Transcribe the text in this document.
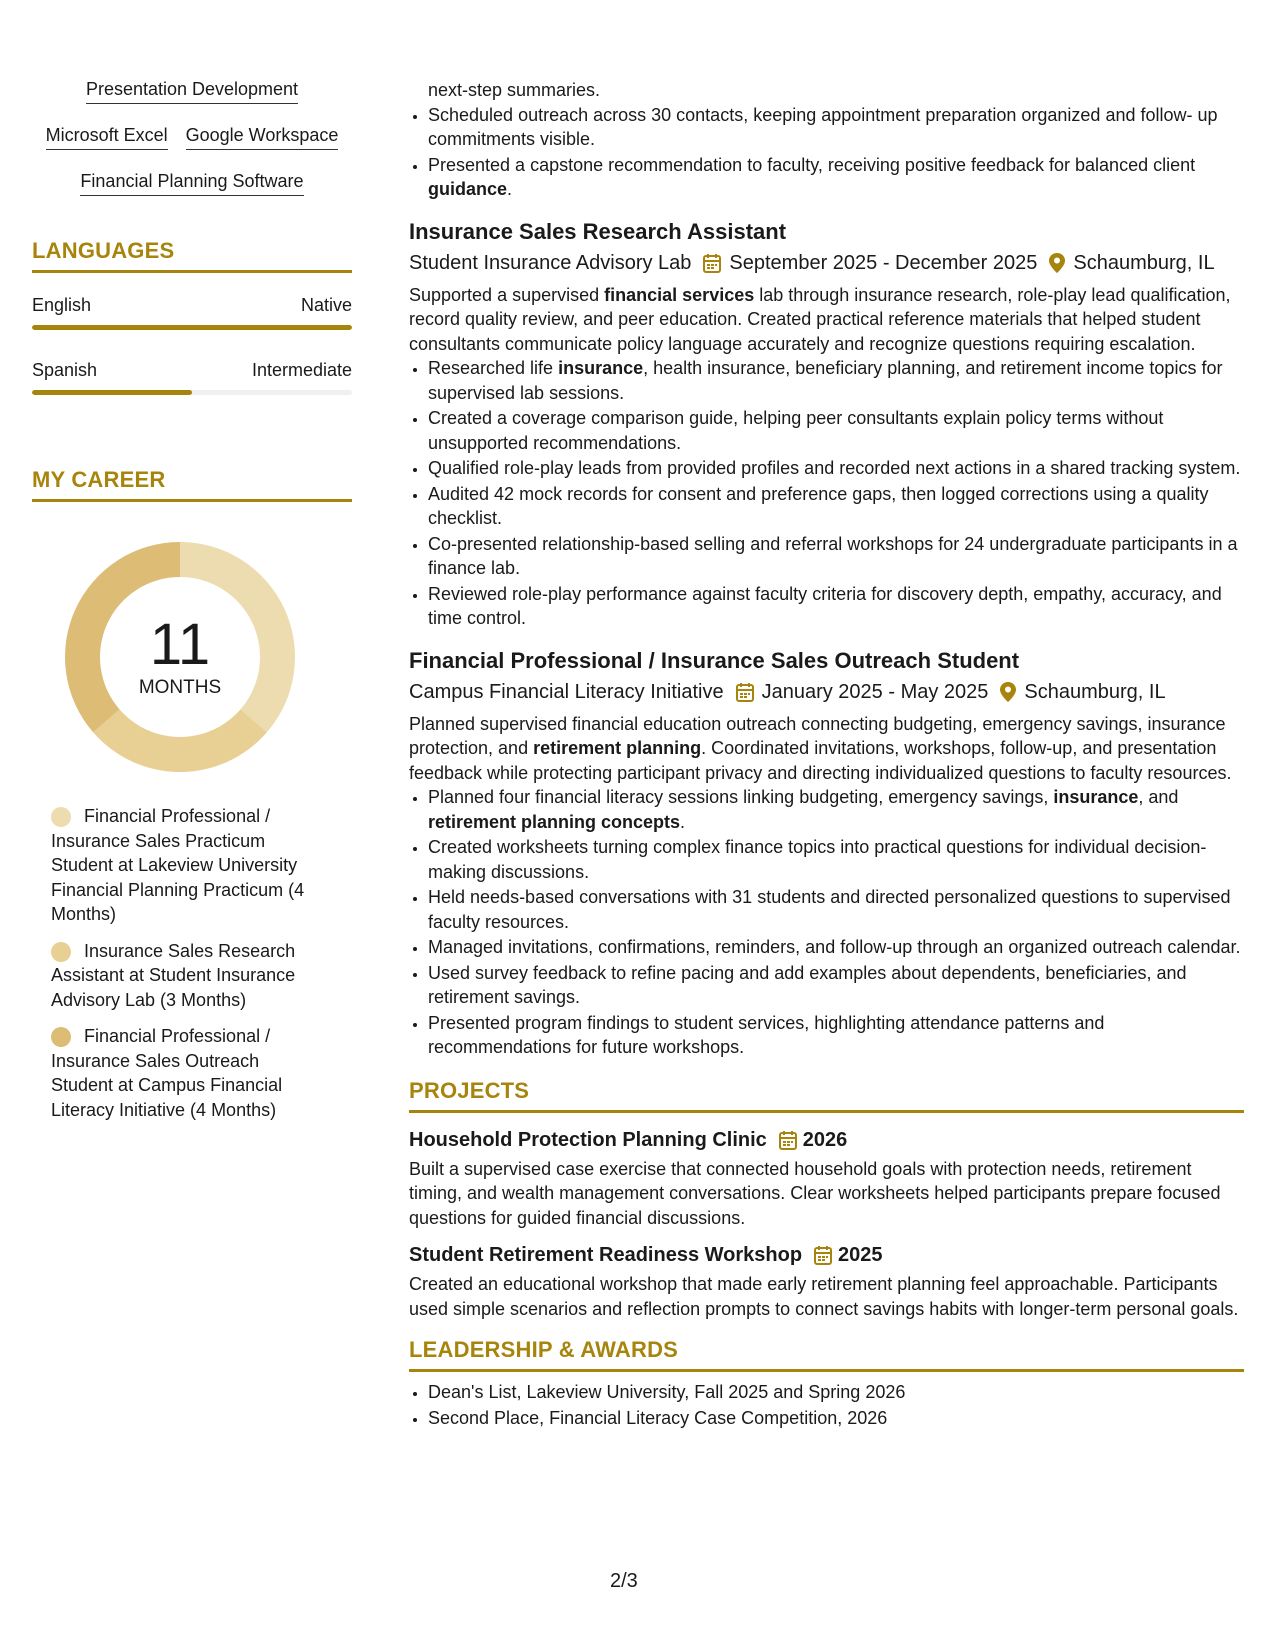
Presentation Development
Microsoft Excel Google Workspace
Financial Planning Software
LANGUAGES
English	Native
Spanish	Intermediate
MY CAREER
11
MONTHS
Financial Professional / Insurance Sales Practicum Student at Lakeview University Financial Planning Practicum (4 Months)
Insurance Sales Research Assistant at Student Insurance Advisory Lab (3 Months)
Financial Professional / Insurance Sales Outreach Student at Campus Financial Literacy Initiative (4 Months)
next-step summaries.
• Scheduled outreach across 30 contacts, keeping appointment preparation organized and follow- up commitments visible.
• Presented a capstone recommendation to faculty, receiving positive feedback for balanced client guidance.
Insurance Sales Research Assistant
Student Insurance Advisory Lab September 2025 - December 2025 Schaumburg, IL
Supported a supervised financial services lab through insurance research, role-play lead qualification, record quality review, and peer education. Created practical reference materials that helped student consultants communicate policy language accurately and recognize questions requiring escalation.
• Researched life insurance, health insurance, beneficiary planning, and retirement income topics for supervised lab sessions.
• Created a coverage comparison guide, helping peer consultants explain policy terms without unsupported recommendations.
• Qualified role-play leads from provided profiles and recorded next actions in a shared tracking system.
• Audited 42 mock records for consent and preference gaps, then logged corrections using a quality checklist.
• Co-presented relationship-based selling and referral workshops for 24 undergraduate participants in a finance lab.
• Reviewed role-play performance against faculty criteria for discovery depth, empathy, accuracy, and time control.
Financial Professional / Insurance Sales Outreach Student
Campus Financial Literacy Initiative January 2025 - May 2025 Schaumburg, IL
Planned supervised financial education outreach connecting budgeting, emergency savings, insurance protection, and retirement planning. Coordinated invitations, workshops, follow-up, and presentation feedback while protecting participant privacy and directing individualized questions to faculty resources.
• Planned four financial literacy sessions linking budgeting, emergency savings, insurance, and retirement planning concepts.
• Created worksheets turning complex finance topics into practical questions for individual decision-making discussions.
• Held needs-based conversations with 31 students and directed personalized questions to supervised faculty resources.
• Managed invitations, confirmations, reminders, and follow-up through an organized outreach calendar.
• Used survey feedback to refine pacing and add examples about dependents, beneficiaries, and retirement savings.
• Presented program findings to student services, highlighting attendance patterns and recommendations for future workshops.
PROJECTS
Household Protection Planning Clinic 2026
Built a supervised case exercise that connected household goals with protection needs, retirement timing, and wealth management conversations. Clear worksheets helped participants prepare focused questions for guided financial discussions.
Student Retirement Readiness Workshop 2025
Created an educational workshop that made early retirement planning feel approachable. Participants used simple scenarios and reflection prompts to connect savings habits with longer-term personal goals.
LEADERSHIP & AWARDS
• Dean's List, Lakeview University, Fall 2025 and Spring 2026
• Second Place, Financial Literacy Case Competition, 2026
2/3
